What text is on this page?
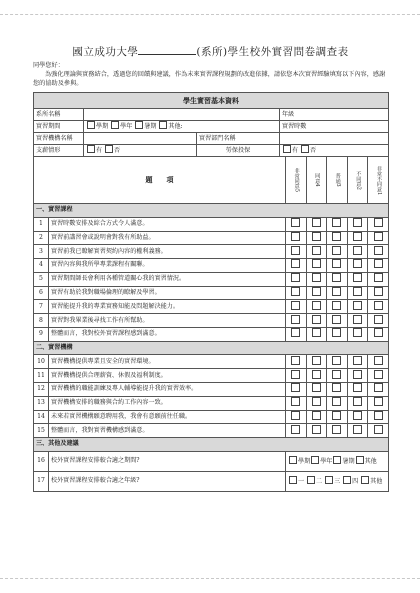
國立成功大學	(系所)學生校外實習問卷調查表
同學您好：
為強化理論與實務結合，透過您的回饋與建議，作為未來實習課程規劃的改進依據，請依您本次實習經驗填寫以下內容，感謝您的協助及參與。
學生實習基本資料			
系所名稱			年級
實習期間	學期 學年 暑期 其他:		實習時數
實習機構名稱		實習部門名稱	
支薪情形	有 否	勞保投保	有 否
題　　項		非常同意5	同意4	普通3	不同意2	非常不同意1

一、實習課程						
1	實習時數安排及綜合方式令人滿意。					
2	實習前講習會或說明會對我有所助益。					
3	實習前我已瞭解實習契約內容的權利義務。					
4	實習內容與我所學專業課程有關聯。					
5	實習期間師長會利用各種管道關心我的實習情況。					
6	實習有助於我對職場倫理的瞭解及學習。					
7	實習能提升我的專業實務知能及問題解決能力。					
8	實習對我畢業後尋找工作有所幫助。					
9	整體而言，我對校外實習課程感到滿意。					
二、實習機構						
10	實習機構提供專業且安全的實習環境。					
11	實習機構提供合理薪資、休假及福利制度。					
12	實習機構的職能訓練及專人輔導能提升我的實習效率。					
13	實習機構安排的職務與合約工作內容一致。					
14	未來若實習機構願意聘用我，我會有意願前往任職。					
15	整體而言，我對實習機構感到滿意。					
三、其他及建議						
16	校外實習課程安排較合適之期間?	學期 學年 暑期 其他				
17	校外實習課程安排較合適之年級?	一 二 三 四 其他				
